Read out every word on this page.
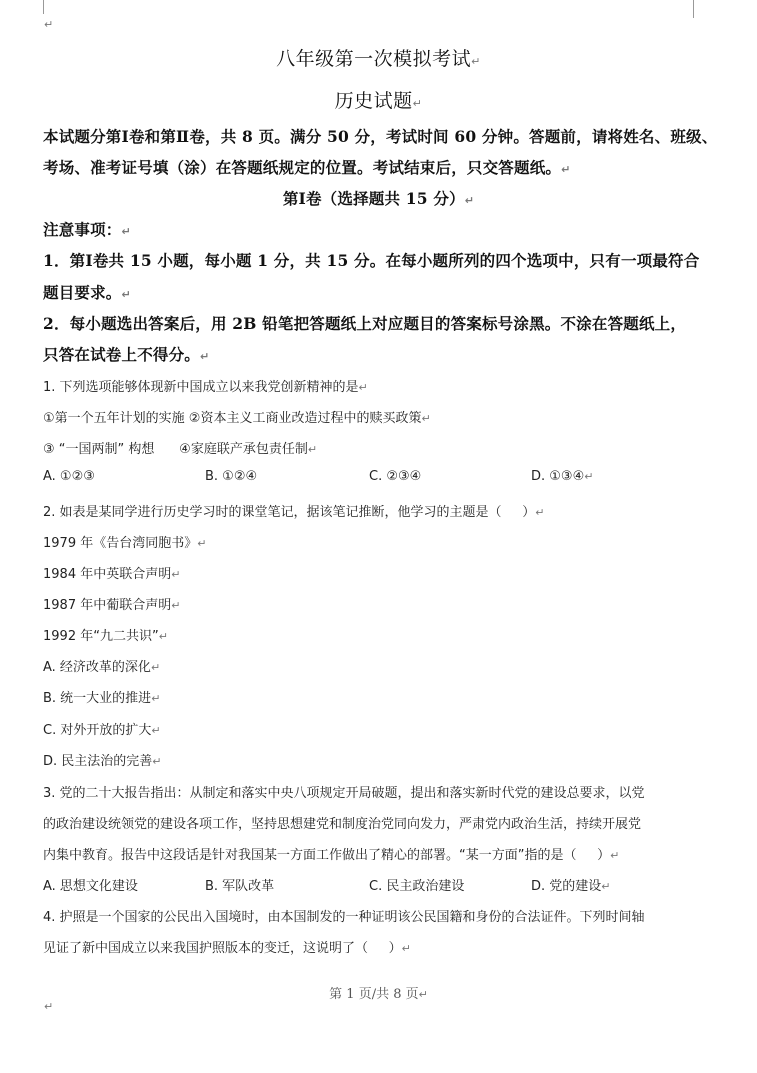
↵
八年级第一次模拟考试↵
历史试题↵
本试题分第Ⅰ卷和第Ⅱ卷，共 8 页。满分 50 分，考试时间 60 分钟。答题前，请将姓名、班级、
考场、准考证号填（涂）在答题纸规定的位置。考试结束后，只交答题纸。↵
第Ⅰ卷（选择题共 15 分）↵
注意事项：↵
1．第Ⅰ卷共 15 小题，每小题 1 分，共 15 分。在每小题所列的四个选项中，只有一项最符合
题目要求。↵
2．每小题选出答案后，用 2B 铅笔把答题纸上对应题目的答案标号涂黑。不涂在答题纸上，
只答在试卷上不得分。↵
1. 下列选项能够体现新中国成立以来我党创新精神的是↵
①第一个五年计划的实施 ②资本主义工商业改造过程中的赎买政策↵
③ “一国两制” 构想      ④家庭联产承包责任制↵
A. ①②③	B. ①②④	C. ②③④	D. ①③④↵
2. 如表是某同学进行历史学习时的课堂笔记，据该笔记推断，他学习的主题是（     ）↵
1979 年《告台湾同胞书》↵
1984 年中英联合声明↵
1987 年中葡联合声明↵
1992 年“九二共识”↵
A. 经济改革的深化↵
B. 统一大业的推进↵
C. 对外开放的扩大↵
D. 民主法治的完善↵
3. 党的二十大报告指出：从制定和落实中央八项规定开局破题，提出和落实新时代党的建设总要求，以党
的政治建设统领党的建设各项工作，坚持思想建党和制度治党同向发力，严肃党内政治生活，持续开展党
内集中教育。报告中这段话是针对我国某一方面工作做出了精心的部署。“某一方面”指的是（     ）↵
A. 思想文化建设	B. 军队改革	C. 民主政治建设	D. 党的建设↵
4. 护照是一个国家的公民出入国境时，由本国制发的一种证明该公民国籍和身份的合法证件。下列时间轴
见证了新中国成立以来我国护照版本的变迁，这说明了（     ）↵
第 1 页/共 8 页↵
↵
